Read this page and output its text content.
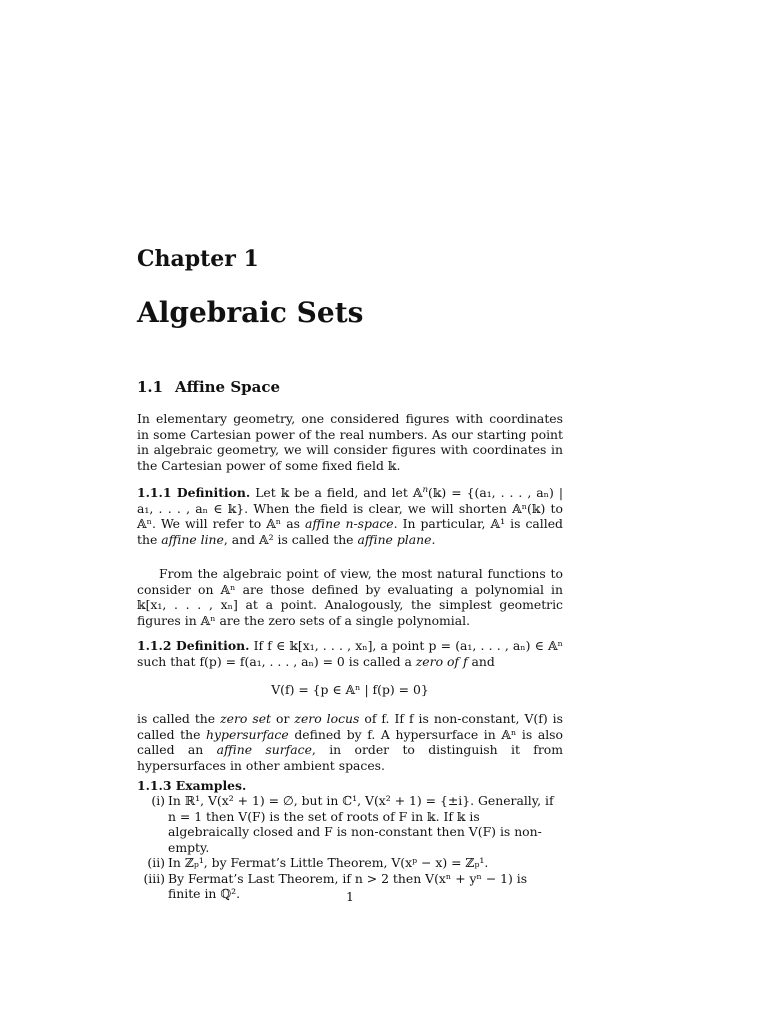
Chapter 1
Algebraic Sets
1.1 Affine Space

In elementary geometry, one considered figures with coordinates in some Cartesian power of the real numbers. As our starting point in algebraic geometry, we will consider figures with coordinates in the Cartesian power of some fixed field 𝕜.

1.1.1 Definition. Let 𝕜 be a field, and let 𝔸$^n$(𝕜) = {(a₁, . . . , aₙ) | a₁, . . . , aₙ ∈ 𝕜}. When the field is clear, we will shorten 𝔸ⁿ(𝕜) to 𝔸ⁿ. We will refer to 𝔸ⁿ as affine n-space. In particular, 𝔸¹ is called the affine line, and 𝔸² is called the affine plane.

From the algebraic point of view, the most natural functions to consider on 𝔸ⁿ are those defined by evaluating a polynomial in 𝕜[x₁, . . . , xₙ] at a point. Analogously, the simplest geometric figures in 𝔸ⁿ are the zero sets of a single polynomial.

1.1.2 Definition. If f ∈ 𝕜[x₁, . . . , xₙ], a point p = (a₁, . . . , aₙ) ∈ 𝔸ⁿ such that f(p) = f(a₁, . . . , aₙ) = 0 is called a zero of f and

V(f) = {p ∈ 𝔸ⁿ | f(p) = 0}

is called the zero set or zero locus of f. If f is non-constant, V(f) is called the hypersurface defined by f. A hypersurface in 𝔸ⁿ is also called an affine surface, in order to distinguish it from hypersurfaces in other ambient spaces.

1.1.3 Examples.
(i) In ℝ¹, V(x² + 1) = ∅, but in ℂ¹, V(x² + 1) = {±i}. Generally, if n = 1 then V(F) is the set of roots of F in 𝕜. If 𝕜 is algebraically closed and F is non-constant then V(F) is non-empty.
(ii) In ℤₚ¹, by Fermat’s Little Theorem, V(xᵖ − x) = ℤₚ¹.
(iii) By Fermat’s Last Theorem, if n > 2 then V(xⁿ + yⁿ − 1) is finite in ℚ².	1
